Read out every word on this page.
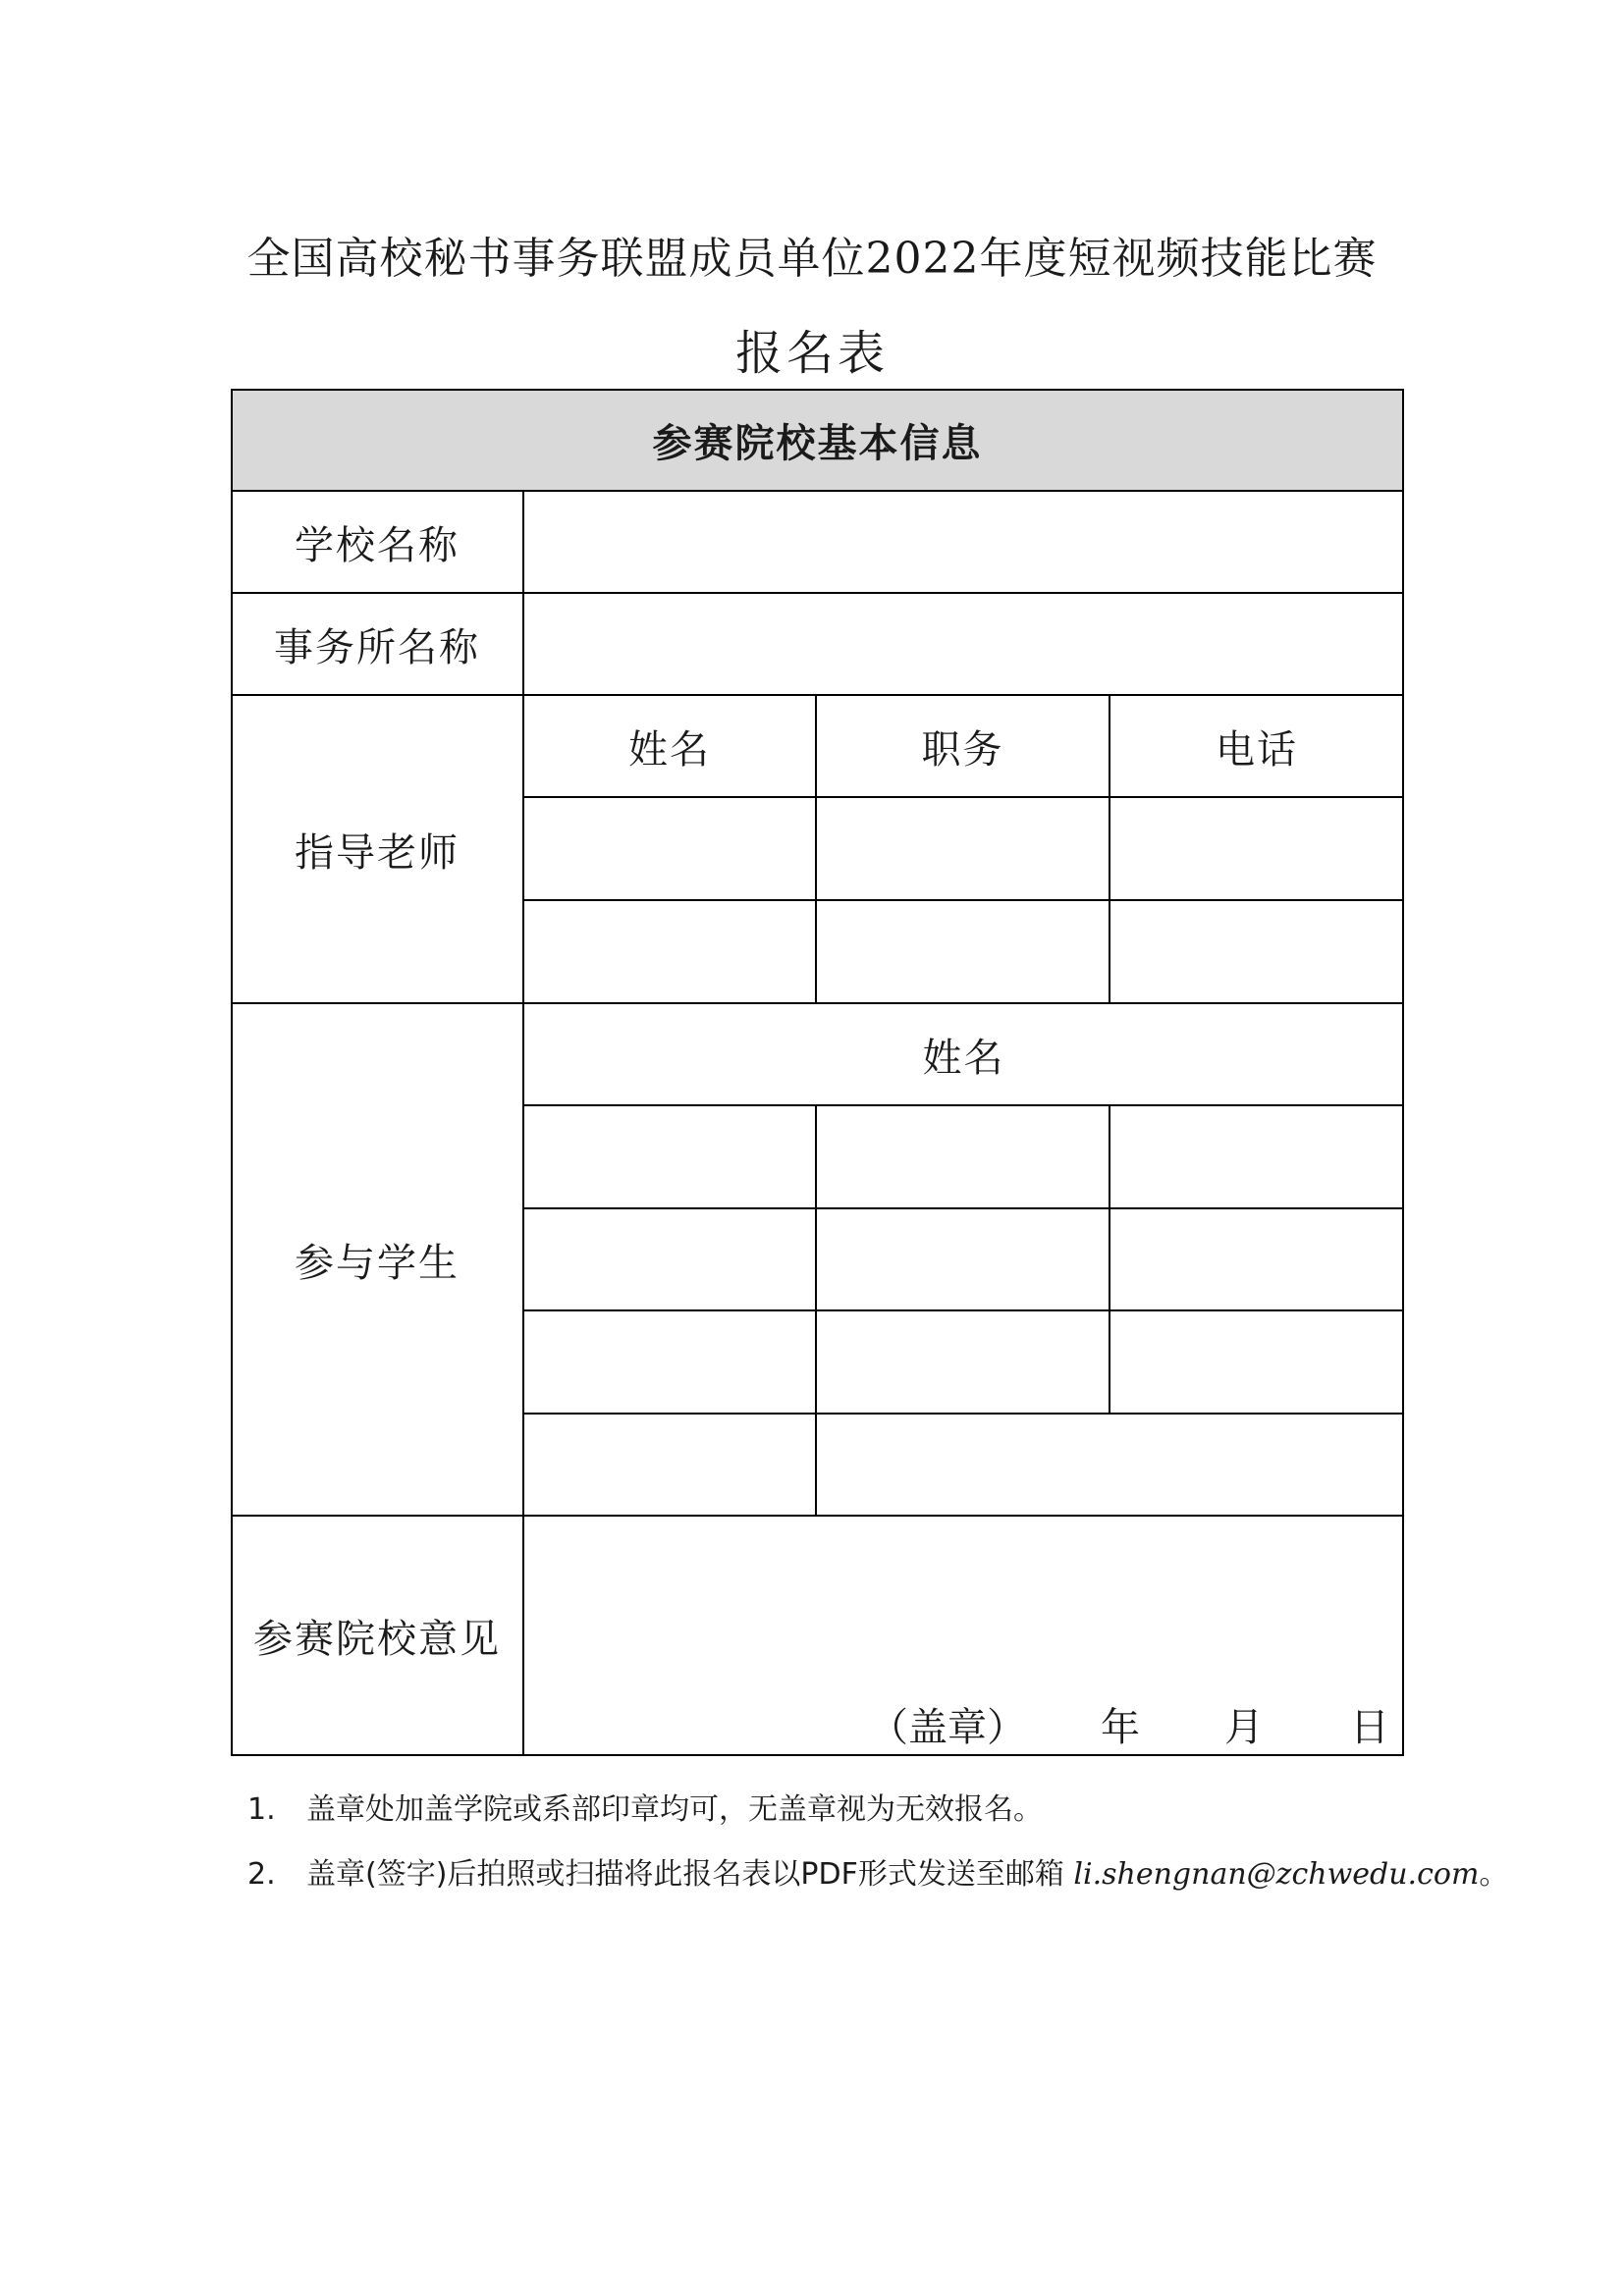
全国高校秘书事务联盟成员单位2022年度短视频技能比赛
报名表
参赛院校基本信息
学校名称
事务所名称
指导老师
姓名	职务	电话
参与学生
姓名
参赛院校意见
（盖章） 年 月 日
1. 盖章处加盖学院或系部印章均可，无盖章视为无效报名。
2. 盖章(签字)后拍照或扫描将此报名表以PDF形式发送至邮箱 li.shengnan@zchwedu.com。
